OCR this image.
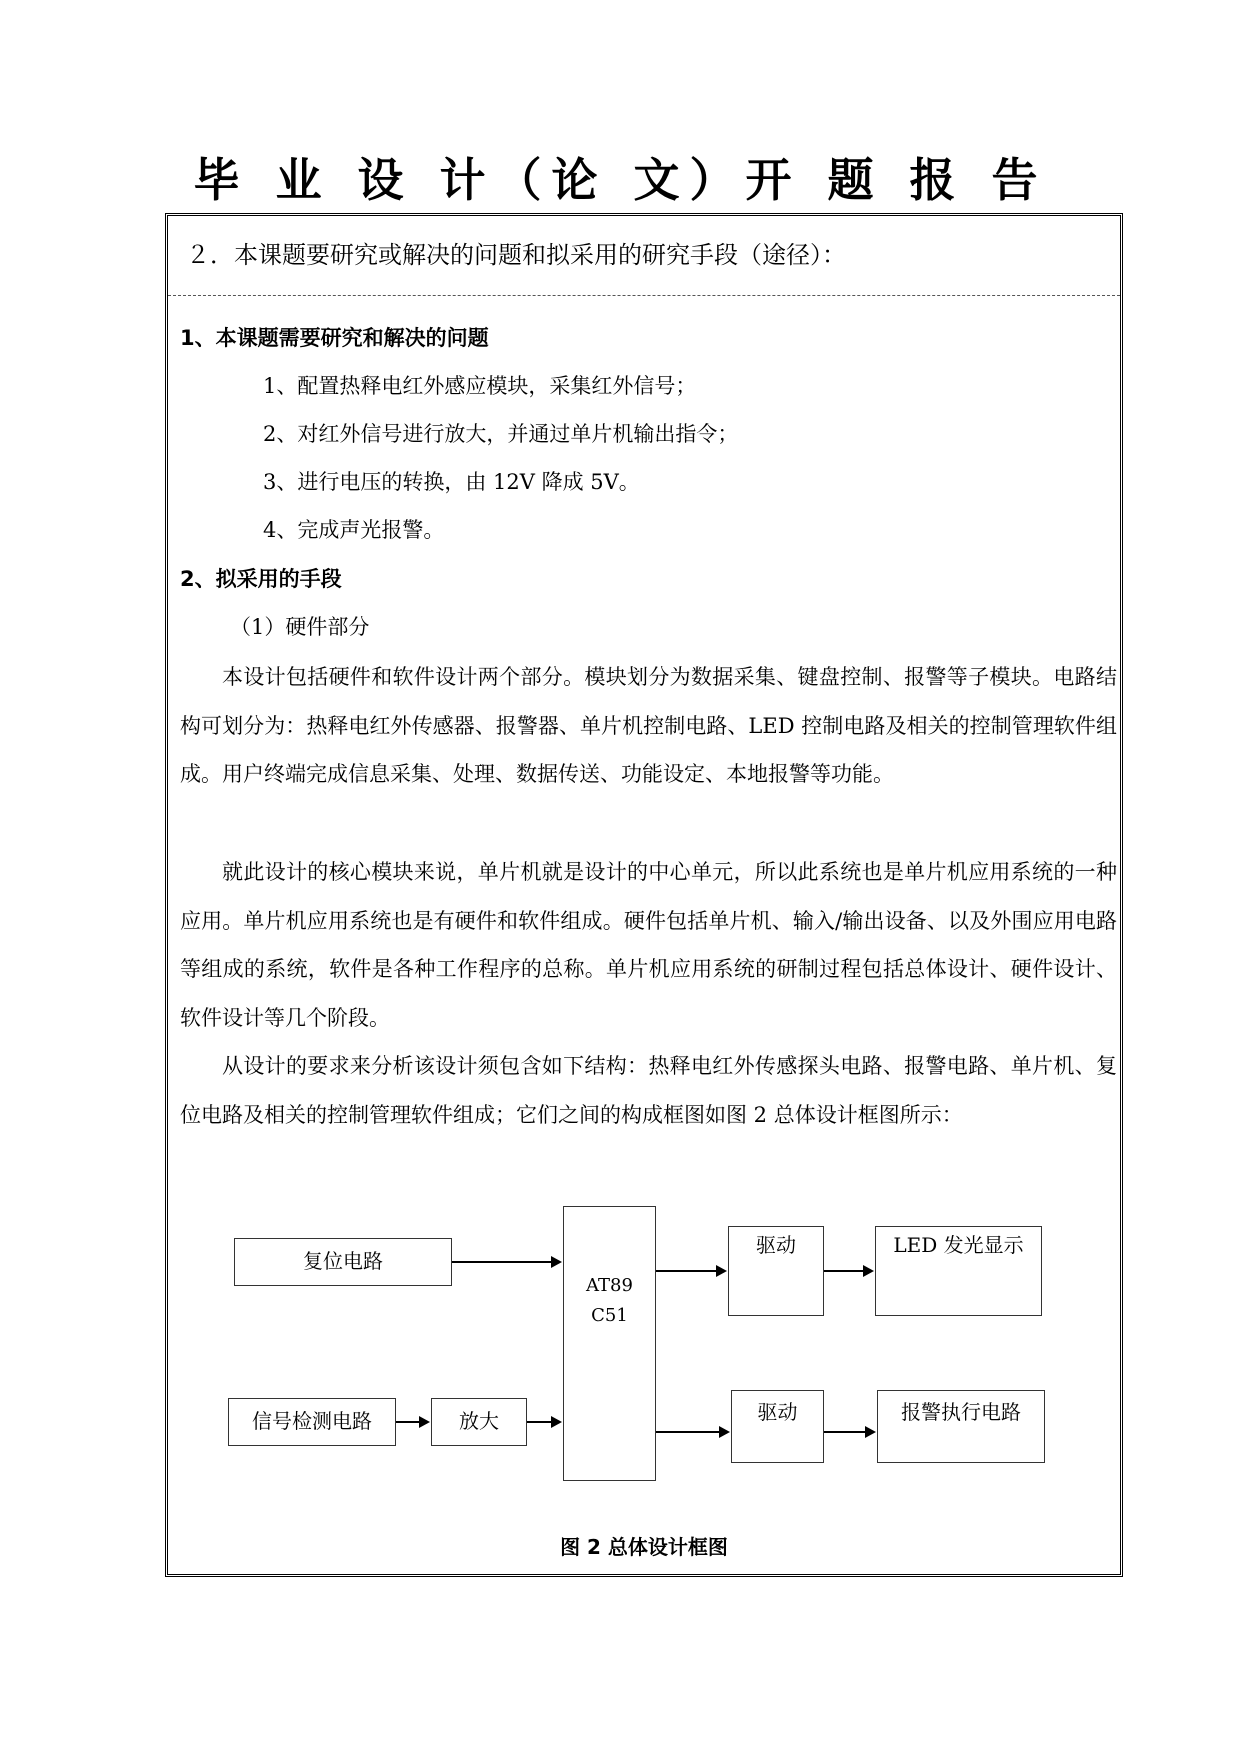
毕 业 设 计（论 文）开 题 报 告
２．本课题要研究或解决的问题和拟采用的研究手段（途径）：
1、本课题需要研究和解决的问题
1、配置热释电红外感应模块，采集红外信号；
2、对红外信号进行放大，并通过单片机输出指令；
3、进行电压的转换，由 12V 降成 5V。
4、完成声光报警。
2、拟采用的手段
（1）硬件部分
本设计包括硬件和软件设计两个部分。模块划分为数据采集、键盘控制、报警等子模块。电路结构可划分为：热释电红外传感器、报警器、单片机控制电路、LED 控制电路及相关的控制管理软件组成。用户终端完成信息采集、处理、数据传送、功能设定、本地报警等功能。
就此设计的核心模块来说，单片机就是设计的中心单元，所以此系统也是单片机应用系统的一种应用。单片机应用系统也是有硬件和软件组成。硬件包括单片机、输入/输出设备、以及外围应用电路等组成的系统，软件是各种工作程序的总称。单片机应用系统的研制过程包括总体设计、硬件设计、软件设计等几个阶段。
从设计的要求来分析该设计须包含如下结构：热释电红外传感探头电路、报警电路、单片机、复位电路及相关的控制管理软件组成；它们之间的构成框图如图 2 总体设计框图所示：
复位电路
信号检测电路	放大
AT89
C51
驱动	LED 发光显示
驱动	报警执行电路
图 2 总体设计框图
